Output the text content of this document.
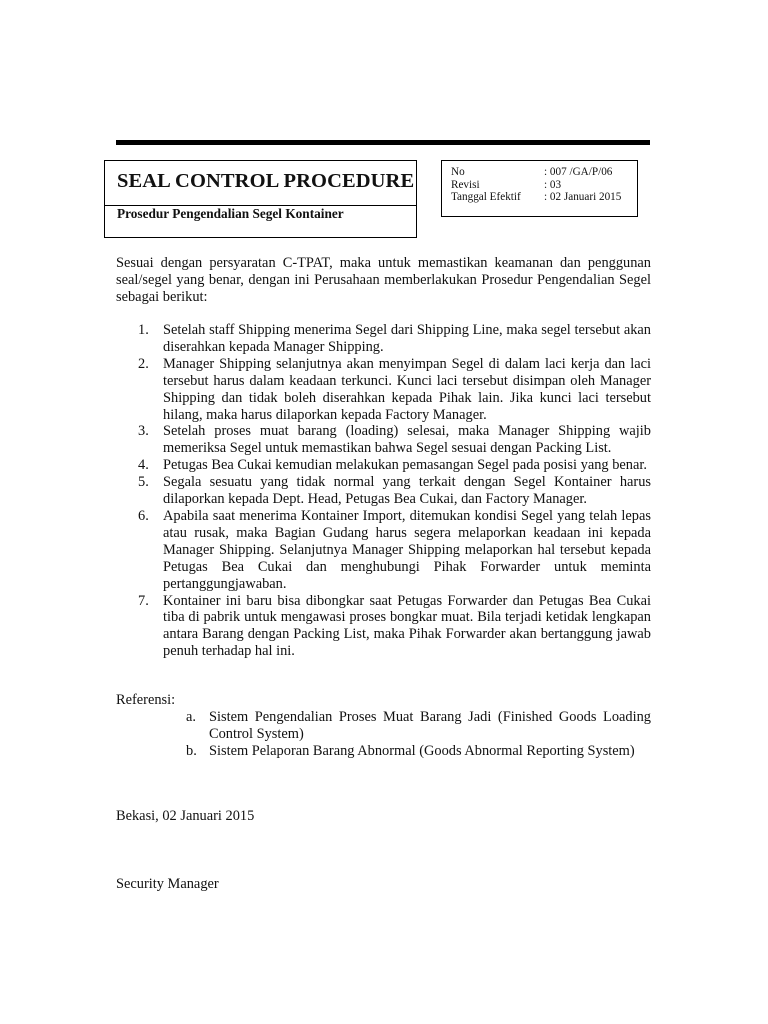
SEAL CONTROL PROCEDURE
Prosedur Pengendalian Segel Kontainer
No	: 007 /GA/P/06
Revisi	: 03
Tanggal Efektif : 02 Januari 2015

Sesuai dengan persyaratan C-TPAT, maka untuk memastikan keamanan dan penggunan seal/segel yang benar, dengan ini Perusahaan memberlakukan Prosedur Pengendalian Segel sebagai berikut:

1. Setelah staff Shipping menerima Segel dari Shipping Line, maka segel tersebut akan diserahkan kepada Manager Shipping.
2. Manager Shipping selanjutnya akan menyimpan Segel di dalam laci kerja dan laci tersebut harus dalam keadaan terkunci. Kunci laci tersebut disimpan oleh Manager Shipping dan tidak boleh diserahkan kepada Pihak lain. Jika kunci laci tersebut hilang, maka harus dilaporkan kepada Factory Manager.
3. Setelah proses muat barang (loading) selesai, maka Manager Shipping wajib memeriksa Segel untuk memastikan bahwa Segel sesuai dengan Packing List.
4. Petugas Bea Cukai kemudian melakukan pemasangan Segel pada posisi yang benar.
5. Segala sesuatu yang tidak normal yang terkait dengan Segel Kontainer harus dilaporkan kepada Dept. Head, Petugas Bea Cukai, dan Factory Manager.
6. Apabila saat menerima Kontainer Import, ditemukan kondisi Segel yang telah lepas atau rusak, maka Bagian Gudang harus segera melaporkan keadaan ini kepada Manager Shipping. Selanjutnya Manager Shipping melaporkan hal tersebut kepada Petugas Bea Cukai dan menghubungi Pihak Forwarder untuk meminta pertanggungjawaban.
7. Kontainer ini baru bisa dibongkar saat Petugas Forwarder dan Petugas Bea Cukai tiba di pabrik untuk mengawasi proses bongkar muat. Bila terjadi ketidak lengkapan antara Barang dengan Packing List, maka Pihak Forwarder akan bertanggung jawab penuh terhadap hal ini.

Referensi:

a. Sistem Pengendalian Proses Muat Barang Jadi (Finished Goods Loading Control System)
b. Sistem Pelaporan Barang Abnormal (Goods Abnormal Reporting System)

Bekasi, 02 Januari 2015

Security Manager
